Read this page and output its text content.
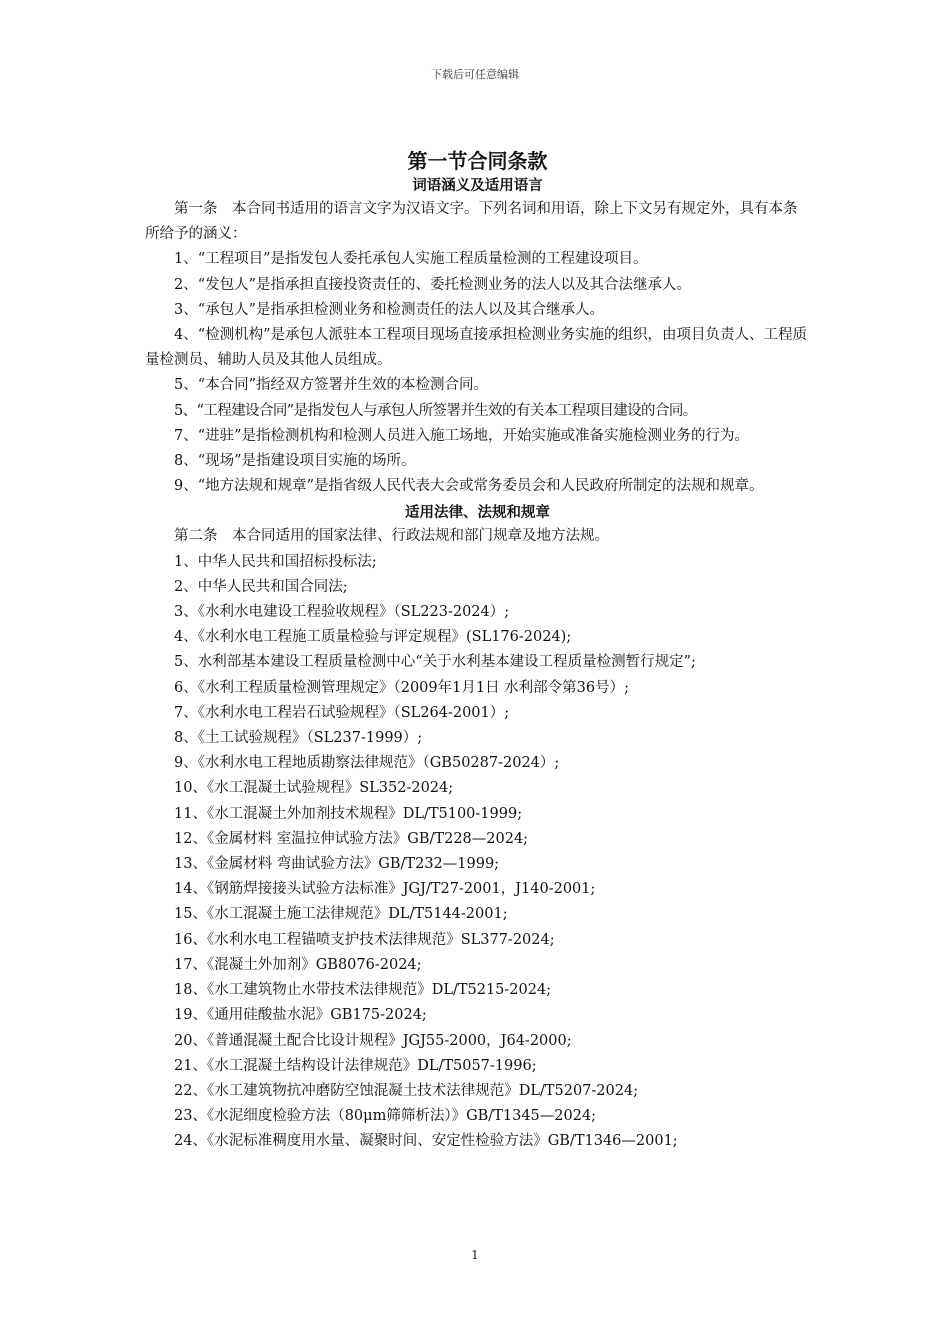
下载后可任意编辑
第一节合同条款
词语涵义及适用语言

第一条　本合同书适用的语言文字为汉语文字。下列名词和用语，除上下文另有规定外，具有本条所给予的涵义：

1、“工程项目”是指发包人委托承包人实施工程质量检测的工程建设项目。

2、“发包人”是指承担直接投资责任的、委托检测业务的法人以及其合法继承人。

3、“承包人”是指承担检测业务和检测责任的法人以及其合继承人。

4、“检测机构”是承包人派驻本工程项目现场直接承担检测业务实施的组织，由项目负责人、工程质量检测员、辅助人员及其他人员组成。

5、“本合同”指经双方签署并生效的本检测合同。

5、“工程建设合同”是指发包人与承包人所签署并生效的有关本工程项目建设的合同。

7、“进驻”是指检测机构和检测人员进入施工场地，开始实施或准备实施检测业务的行为。

8、“现场”是指建设项目实施的场所。

9、“地方法规和规章”是指省级人民代表大会或常务委员会和人民政府所制定的法规和规章。

适用法律、法规和规章

第二条　本合同适用的国家法律、行政法规和部门规章及地方法规。

1、中华人民共和国招标投标法;

2、中华人民共和国合同法;

3、《水利水电建设工程验收规程》（SL223-2024）;

4、《水利水电工程施工质量检验与评定规程》(SL176-2024);

5、水利部基本建设工程质量检测中心“关于水利基本建设工程质量检测暂行规定”;

6、《水利工程质量检测管理规定》（2009年1月1日 水利部令第36号）;

7、《水利水电工程岩石试验规程》（SL264-2001）;

8、《土工试验规程》（SL237-1999）;

9、《水利水电工程地质勘察法律规范》（GB50287-2024）;

10、《水工混凝土试验规程》SL352-2024;

11、《水工混凝土外加剂技术规程》DL/T5100-1999;

12、《金属材料 室温拉伸试验方法》GB/T228—2024;

13、《金属材料 弯曲试验方法》GB/T232—1999;

14、《钢筋焊接接头试验方法标准》JGJ/T27-2001，J140-2001;

15、《水工混凝土施工法律规范》DL/T5144-2001;

16、《水利水电工程锚喷支护技术法律规范》SL377-2024;

17、《混凝土外加剂》GB8076-2024;

18、《水工建筑物止水带技术法律规范》DL/T5215-2024;

19、《通用硅酸盐水泥》GB175-2024;

20、《普通混凝土配合比设计规程》JGJ55-2000，J64-2000;

21、《水工混凝土结构设计法律规范》DL/T5057-1996;

22、《水工建筑物抗冲磨防空蚀混凝土技术法律规范》DL/T5207-2024;

23、《水泥细度检验方法（80μm筛筛析法）》GB/T1345—2024;

24、《水泥标准稠度用水量、凝聚时间、安定性检验方法》GB/T1346—2001;

1
